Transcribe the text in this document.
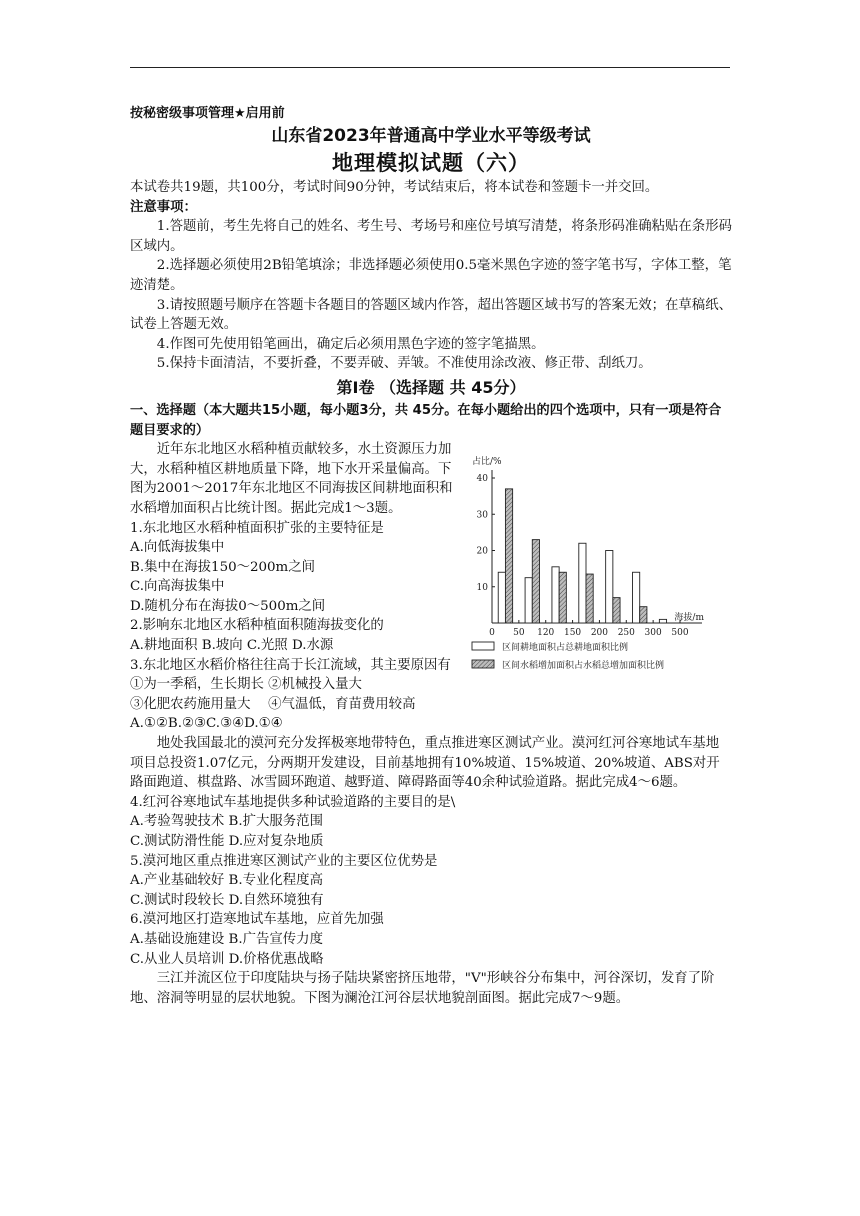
按秘密级事项管理★启用前
山东省2023年普通高中学业水平等级考试
地理模拟试题（六）

本试卷共19题，共100分，考试时间90分钟，考试结束后，将本试卷和签题卡一并交回。

注意事项：

1.答题前，考生先将自己的姓名、考生号、考场号和座位号填写清楚，将条形码准确粘贴在条形码区域内。

2.选择题必须使用2B铅笔填涂；非选择题必须使用0.5毫米黑色字迹的签字笔书写，字体工整，笔迹清楚。

3.请按照题号顺序在答题卡各题目的答题区域内作答，超出答题区域书写的答案无效；在草稿纸、试卷上答题无效。

4.作图可先使用铅笔画出，确定后必须用黑色字迹的签字笔描黑。

5.保持卡面清洁，不要折叠，不要弄破、弄皱。不准使用涂改液、修正带、刮纸刀。

第Ⅰ卷 （选择题 共 45分）

一、选择题（本大题共15小题，每小题3分，共 45分。在每小题给出的四个选项中，只有一项是符合题目要求的）

近年东北地区水稻种植贡献较多，水土资源压力加大，水稻种植区耕地质量下降，地下水开采量偏高。下图为2001～2017年东北地区不同海拔区间耕地面积和水稻增加面积占比统计图。据此完成1～3题。

1.东北地区水稻种植面积扩张的主要特征是

A.向低海拔集中

B.集中在海拔150～200m之间

C.向高海拔集中

D.随机分布在海拔0～500m之间

2.影响东北地区水稻种植面积随海拔变化的

A.耕地面积 B.坡向 C.光照 D.水源

3.东北地区水稻价格往往高于长江流域，其主要原因有

①为一季稻，生长期长 ②机械投入量大

③化肥农药施用量大　 ④气温低，育苗费用较高

A.①②B.②③C.③④D.①④

占比/%
10
20
30
40
0 50 120 150 200 250 300 500
海拔/m
区间耕地面积占总耕地面积比例
区间水稻增加面积占水稻总增加面积比例

地处我国最北的漠河充分发挥极寒地带特色，重点推进寒区测试产业。漠河红河谷寒地试车基地项目总投资1.07亿元，分两期开发建设，目前基地拥有10%坡道、15%坡道、20%坡道、ABS对开路面跑道、棋盘路、冰雪圆环跑道、越野道、障碍路面等40余种试验道路。据此完成4～6题。

4.红河谷寒地试车基地提供多种试验道路的主要目的是\

A.考验驾驶技术 B.扩大服务范围

C.测试防滑性能 D.应对复杂地质

5.漠河地区重点推进寒区测试产业的主要区位优势是

A.产业基础较好 B.专业化程度高

C.测试时段较长 D.自然环境独有

6.漠河地区打造寒地试车基地，应首先加强

A.基础设施建设 B.广告宣传力度

C.从业人员培训 D.价格优惠战略

三江并流区位于印度陆块与扬子陆块紧密挤压地带，"V"形峡谷分布集中，河谷深切，发育了阶地、溶洞等明显的层状地貌。下图为澜沧江河谷层状地貌剖面图。据此完成7～9题。
